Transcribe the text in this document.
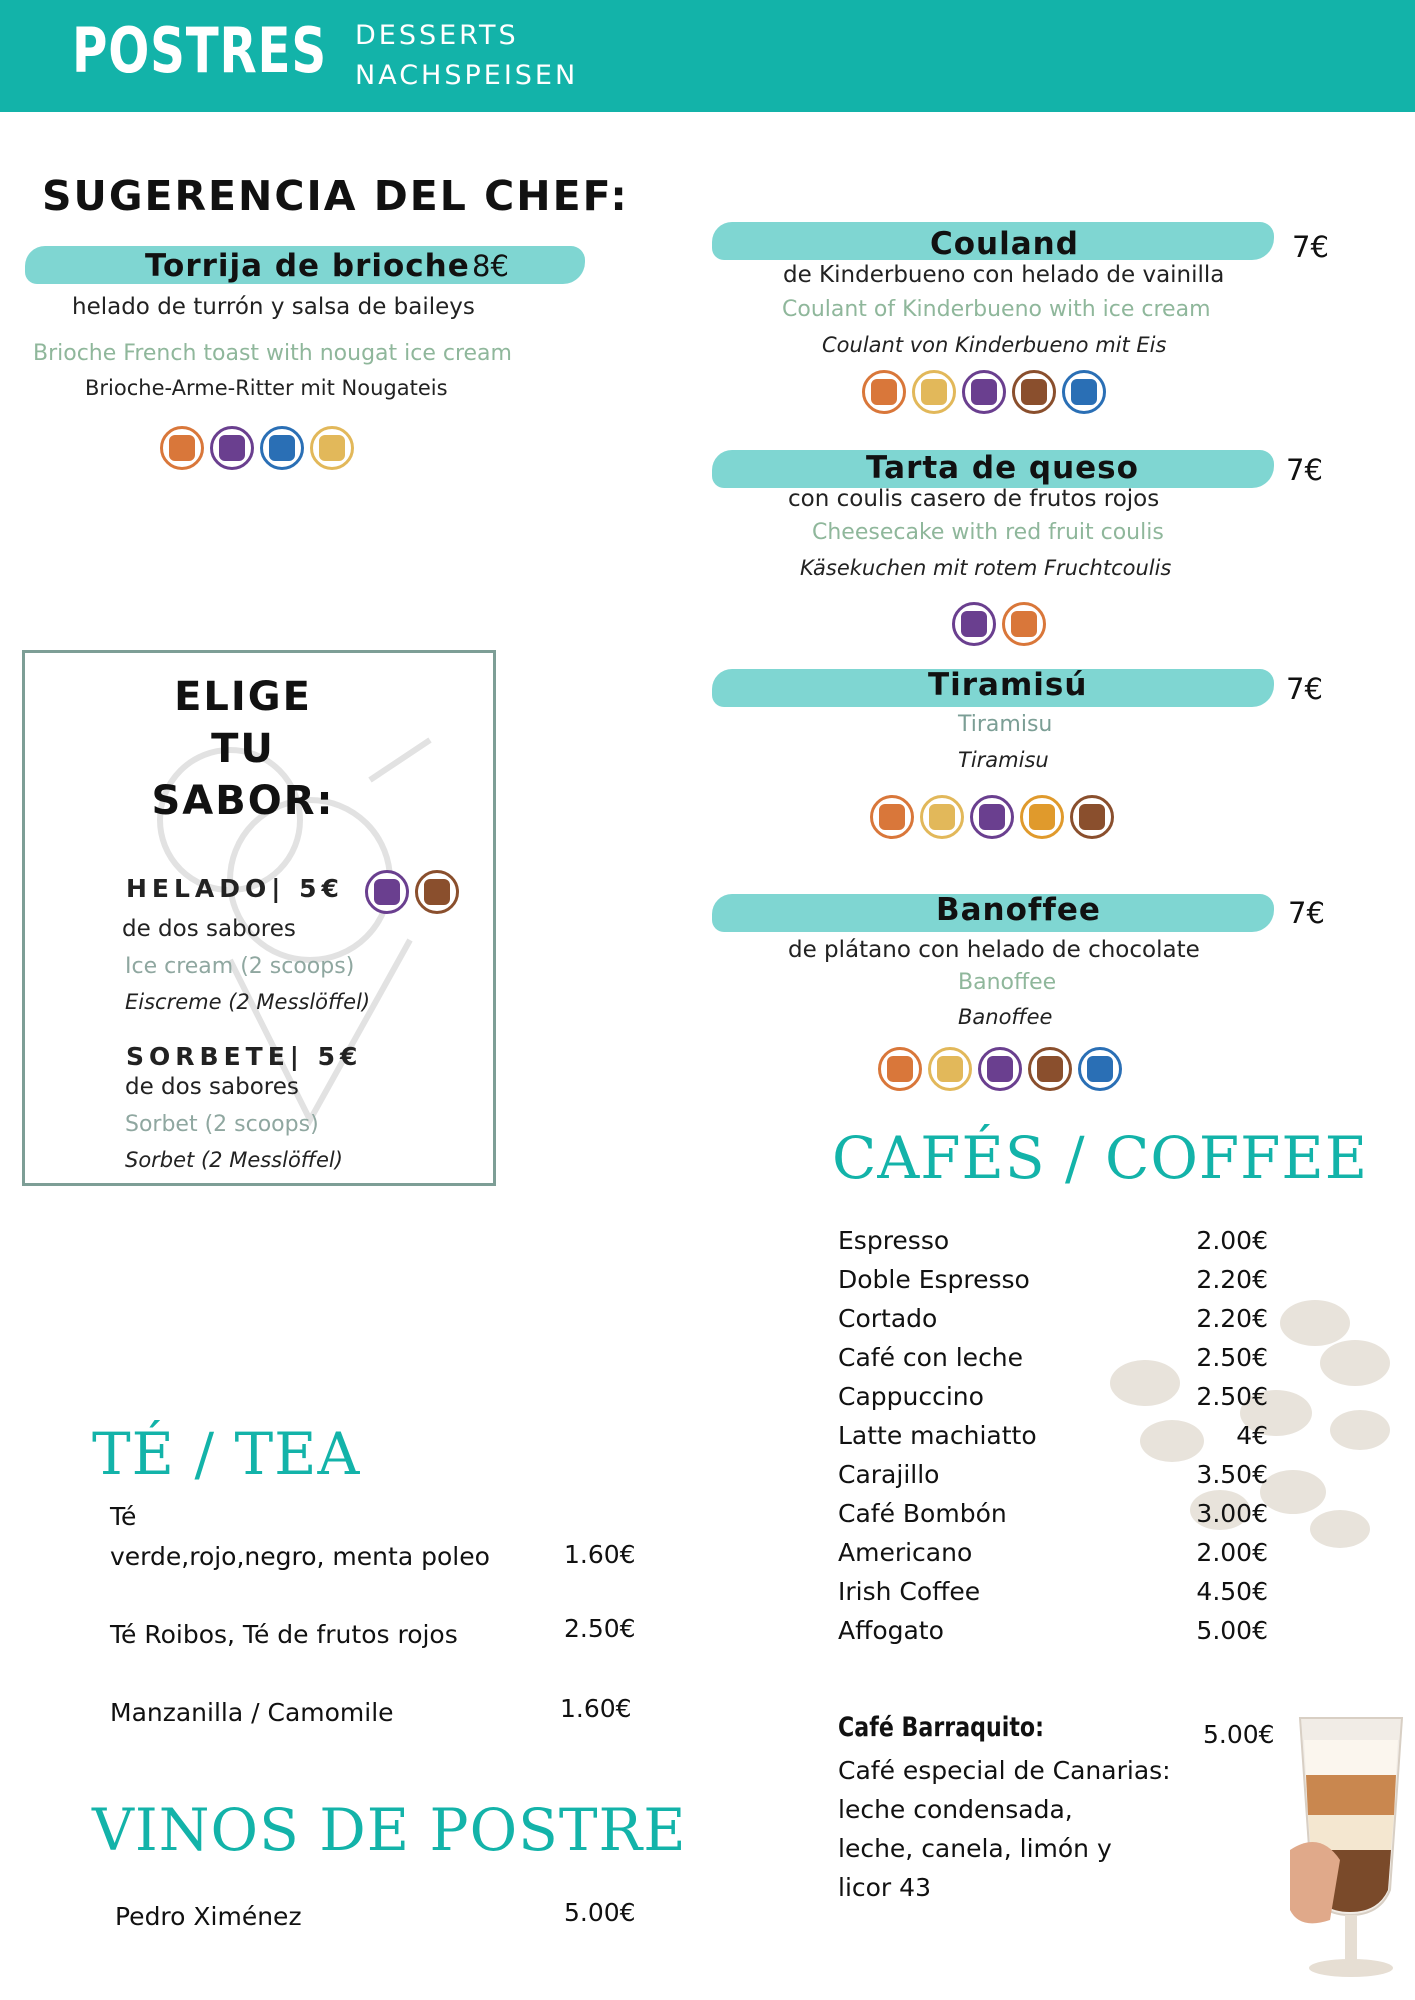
POSTRES DESSERTS
NACHSPEISEN
SUGERENCIA DEL CHEF:
Torrija de brioche 8€
helado de turrón y salsa de baileys
Brioche French toast with nougat ice cream
Brioche-Arme-Ritter mit Nougateis
ELIGE
TU
SABOR:
HELADO| 5€
de dos sabores
Ice cream (2 scoops)
Eiscreme (2 Messlöffel)
SORBETE| 5€
de dos sabores
Sorbet (2 scoops)
Sorbet (2 Messlöffel)
Couland	7€
de Kinderbueno con helado de vainilla
Coulant of Kinderbueno with ice cream
Coulant von Kinderbueno mit Eis
Tarta de queso	7€
con coulis casero de frutos rojos
Cheesecake with red fruit coulis
Käsekuchen mit rotem Fruchtcoulis
Tiramisú	7€
Tiramisu
Tiramisu
Banoffee	7€
de plátano con helado de chocolate
Banoffee
Banoffee
CAFÉS / COFFEE
Espresso	2.00€
Doble Espresso	2.20€
Cortado	2.20€
Café con leche	2.50€
Cappuccino	2.50€
Latte machiatto	4€
Carajillo	3.50€
Café Bombón	3.00€
Americano	2.00€
Irish Coffee	4.50€
Affogato	5.00€
Café Barraquito:	5.00€
Café especial de Canarias:
leche condensada,
leche, canela, limón y
licor 43
TÉ / TEA
Té
verde,rojo,negro, menta poleo	1.60€
Té Roibos, Té de frutos rojos	2.50€
Manzanilla / Camomile	1.60€
VINOS DE POSTRE
Pedro Ximénez	5.00€
